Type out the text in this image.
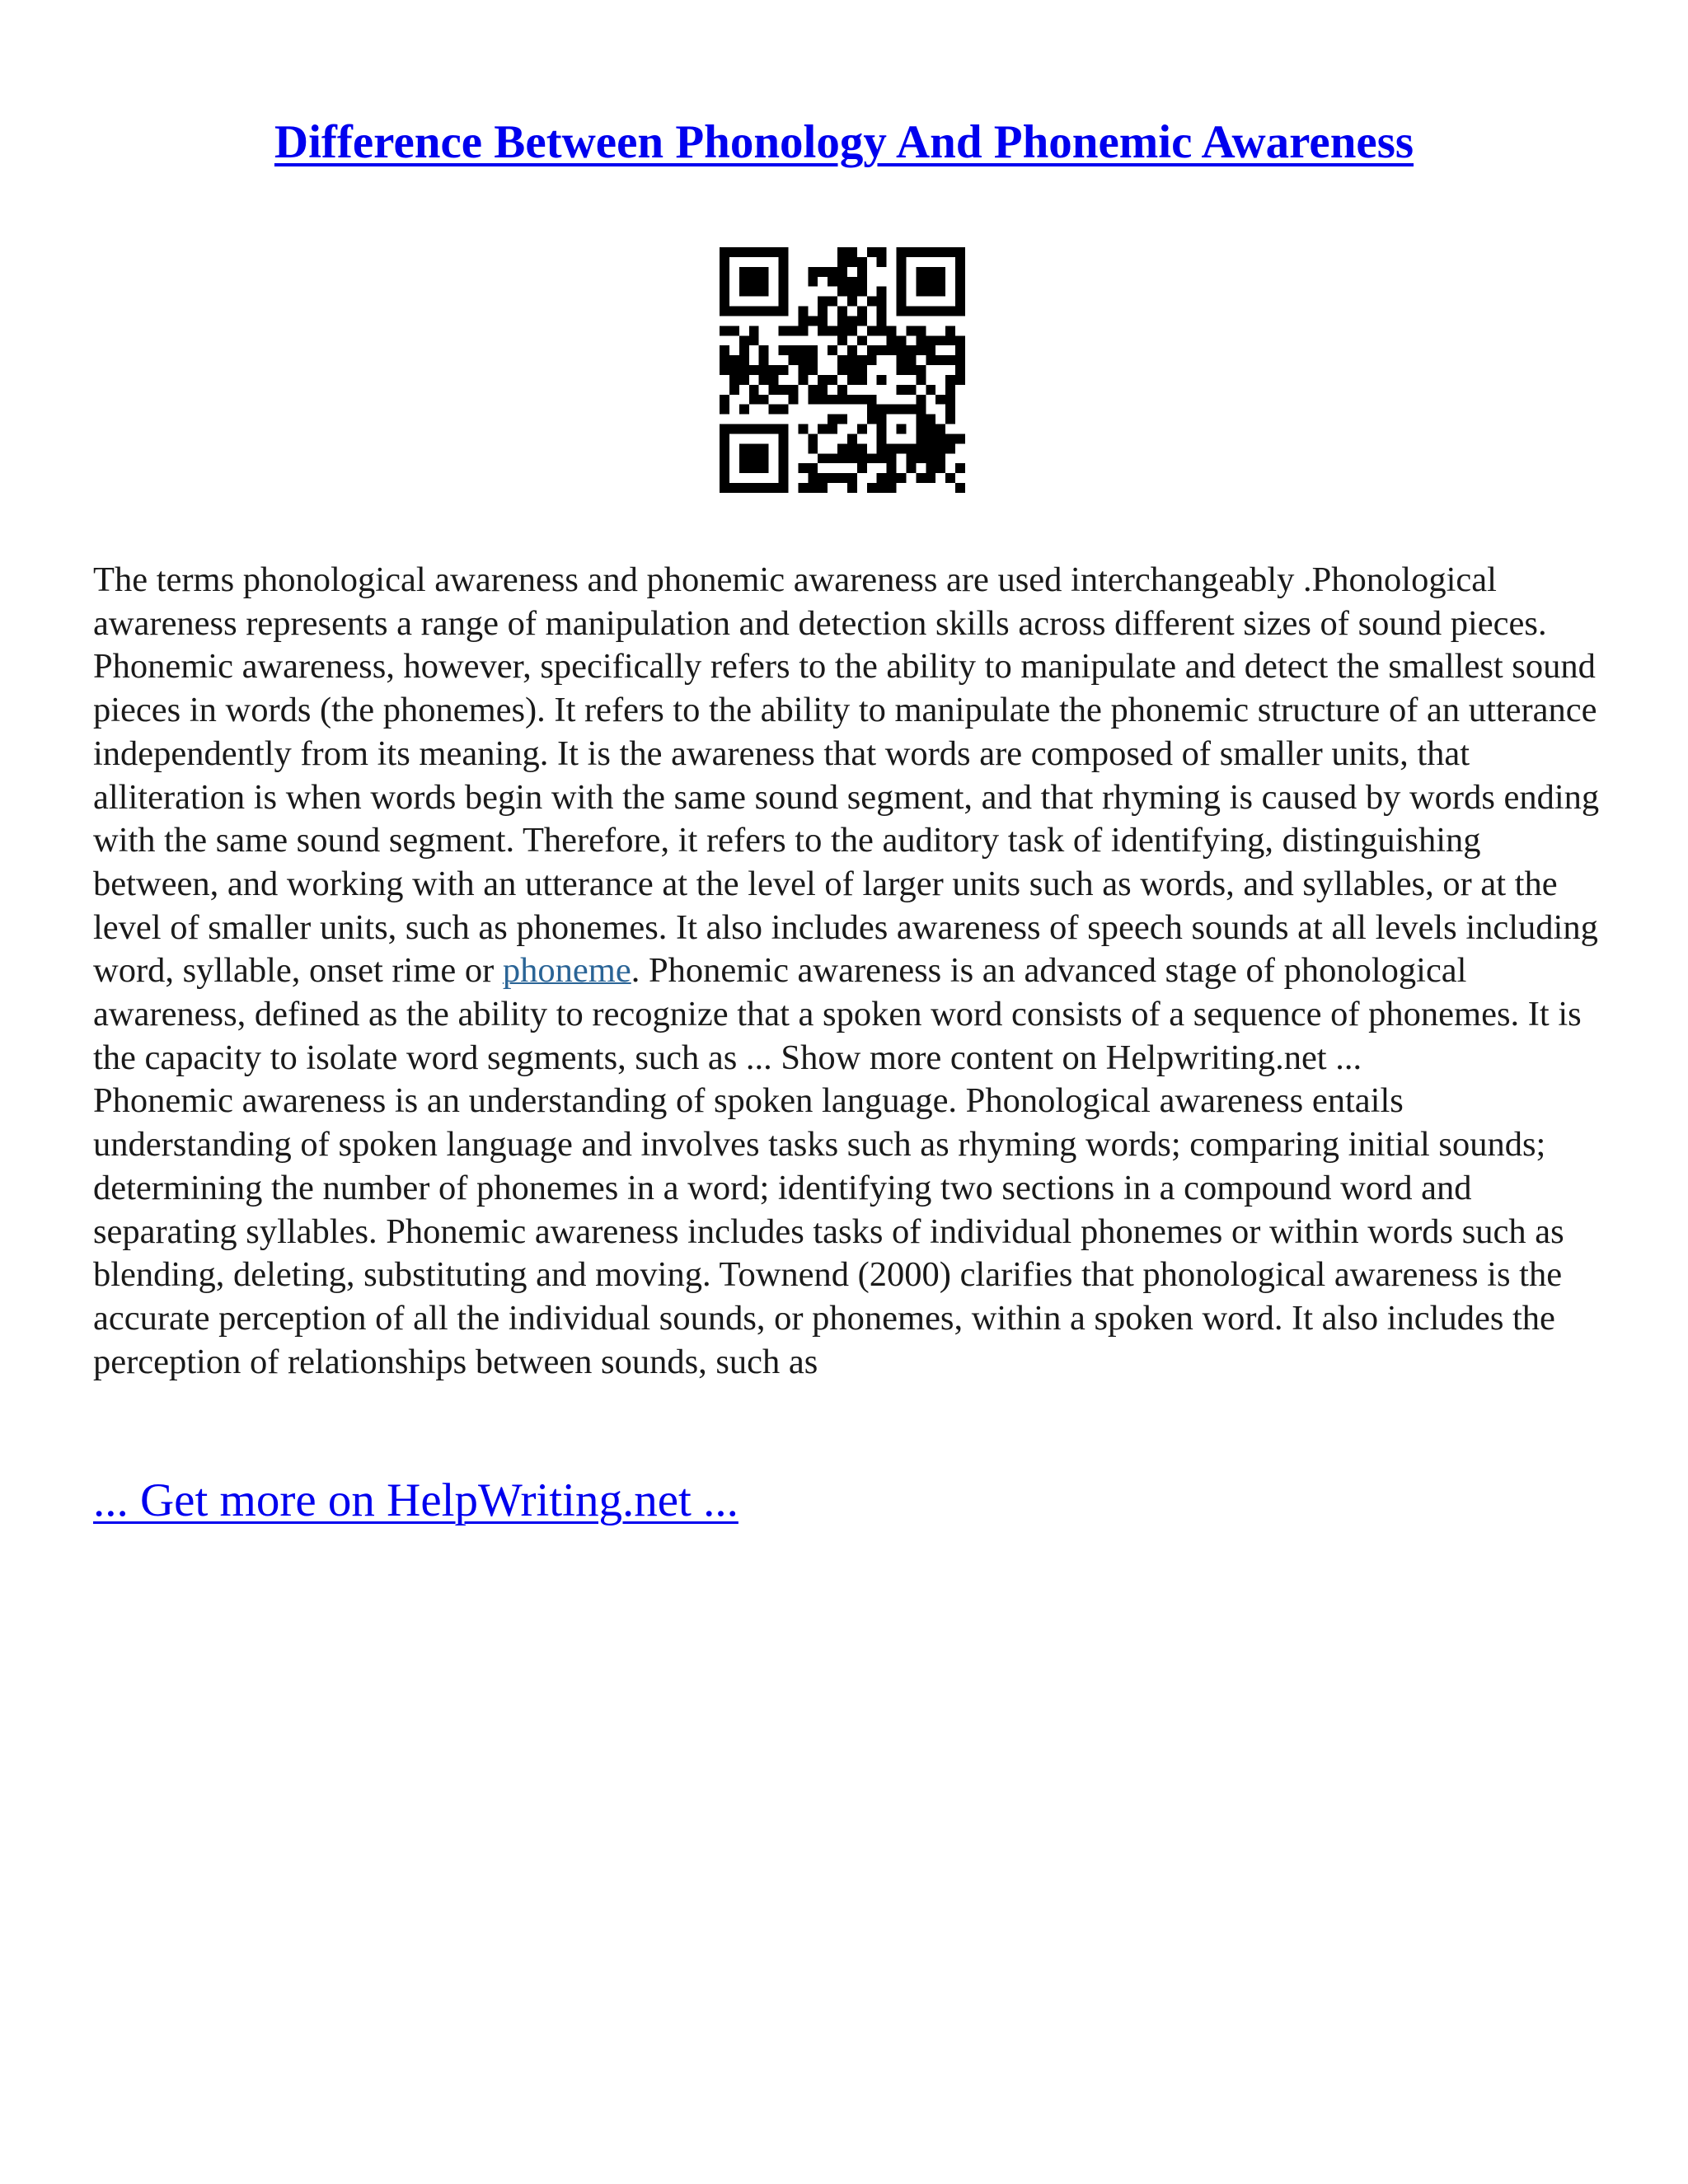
Difference Between Phonology And Phonemic Awareness

The terms phonological awareness and phonemic awareness are used interchangeably .Phonological awareness represents a range of manipulation and detection skills across different sizes of sound pieces. Phonemic awareness, however, specifically refers to the ability to manipulate and detect the smallest sound pieces in words (the phonemes). It refers to the ability to manipulate the phonemic structure of an utterance independently from its meaning. It is the awareness that words are composed of smaller units, that alliteration is when words begin with the same sound segment, and that rhyming is caused by words ending with the same sound segment. Therefore, it refers to the auditory task of identifying, distinguishing between, and working with an utterance at the level of larger units such as words, and syllables, or at the level of smaller units, such as phonemes. It also includes awareness of speech sounds at all levels including word, syllable, onset rime or phoneme. Phonemic awareness is an advanced stage of phonological awareness, defined as the ability to recognize that a spoken word consists of a sequence of phonemes. It is the capacity to isolate word segments, such as ... Show more content on Helpwriting.net ...

Phonemic awareness is an understanding of spoken language. Phonological awareness entails understanding of spoken language and involves tasks such as rhyming words; comparing initial sounds; determining the number of phonemes in a word; identifying two sections in a compound word and separating syllables. Phonemic awareness includes tasks of individual phonemes or within words such as blending, deleting, substituting and moving. Townend (2000) clarifies that phonological awareness is the accurate perception of all the individual sounds, or phonemes, within a spoken word. It also includes the perception of relationships between sounds, such as

... Get more on HelpWriting.net ...
